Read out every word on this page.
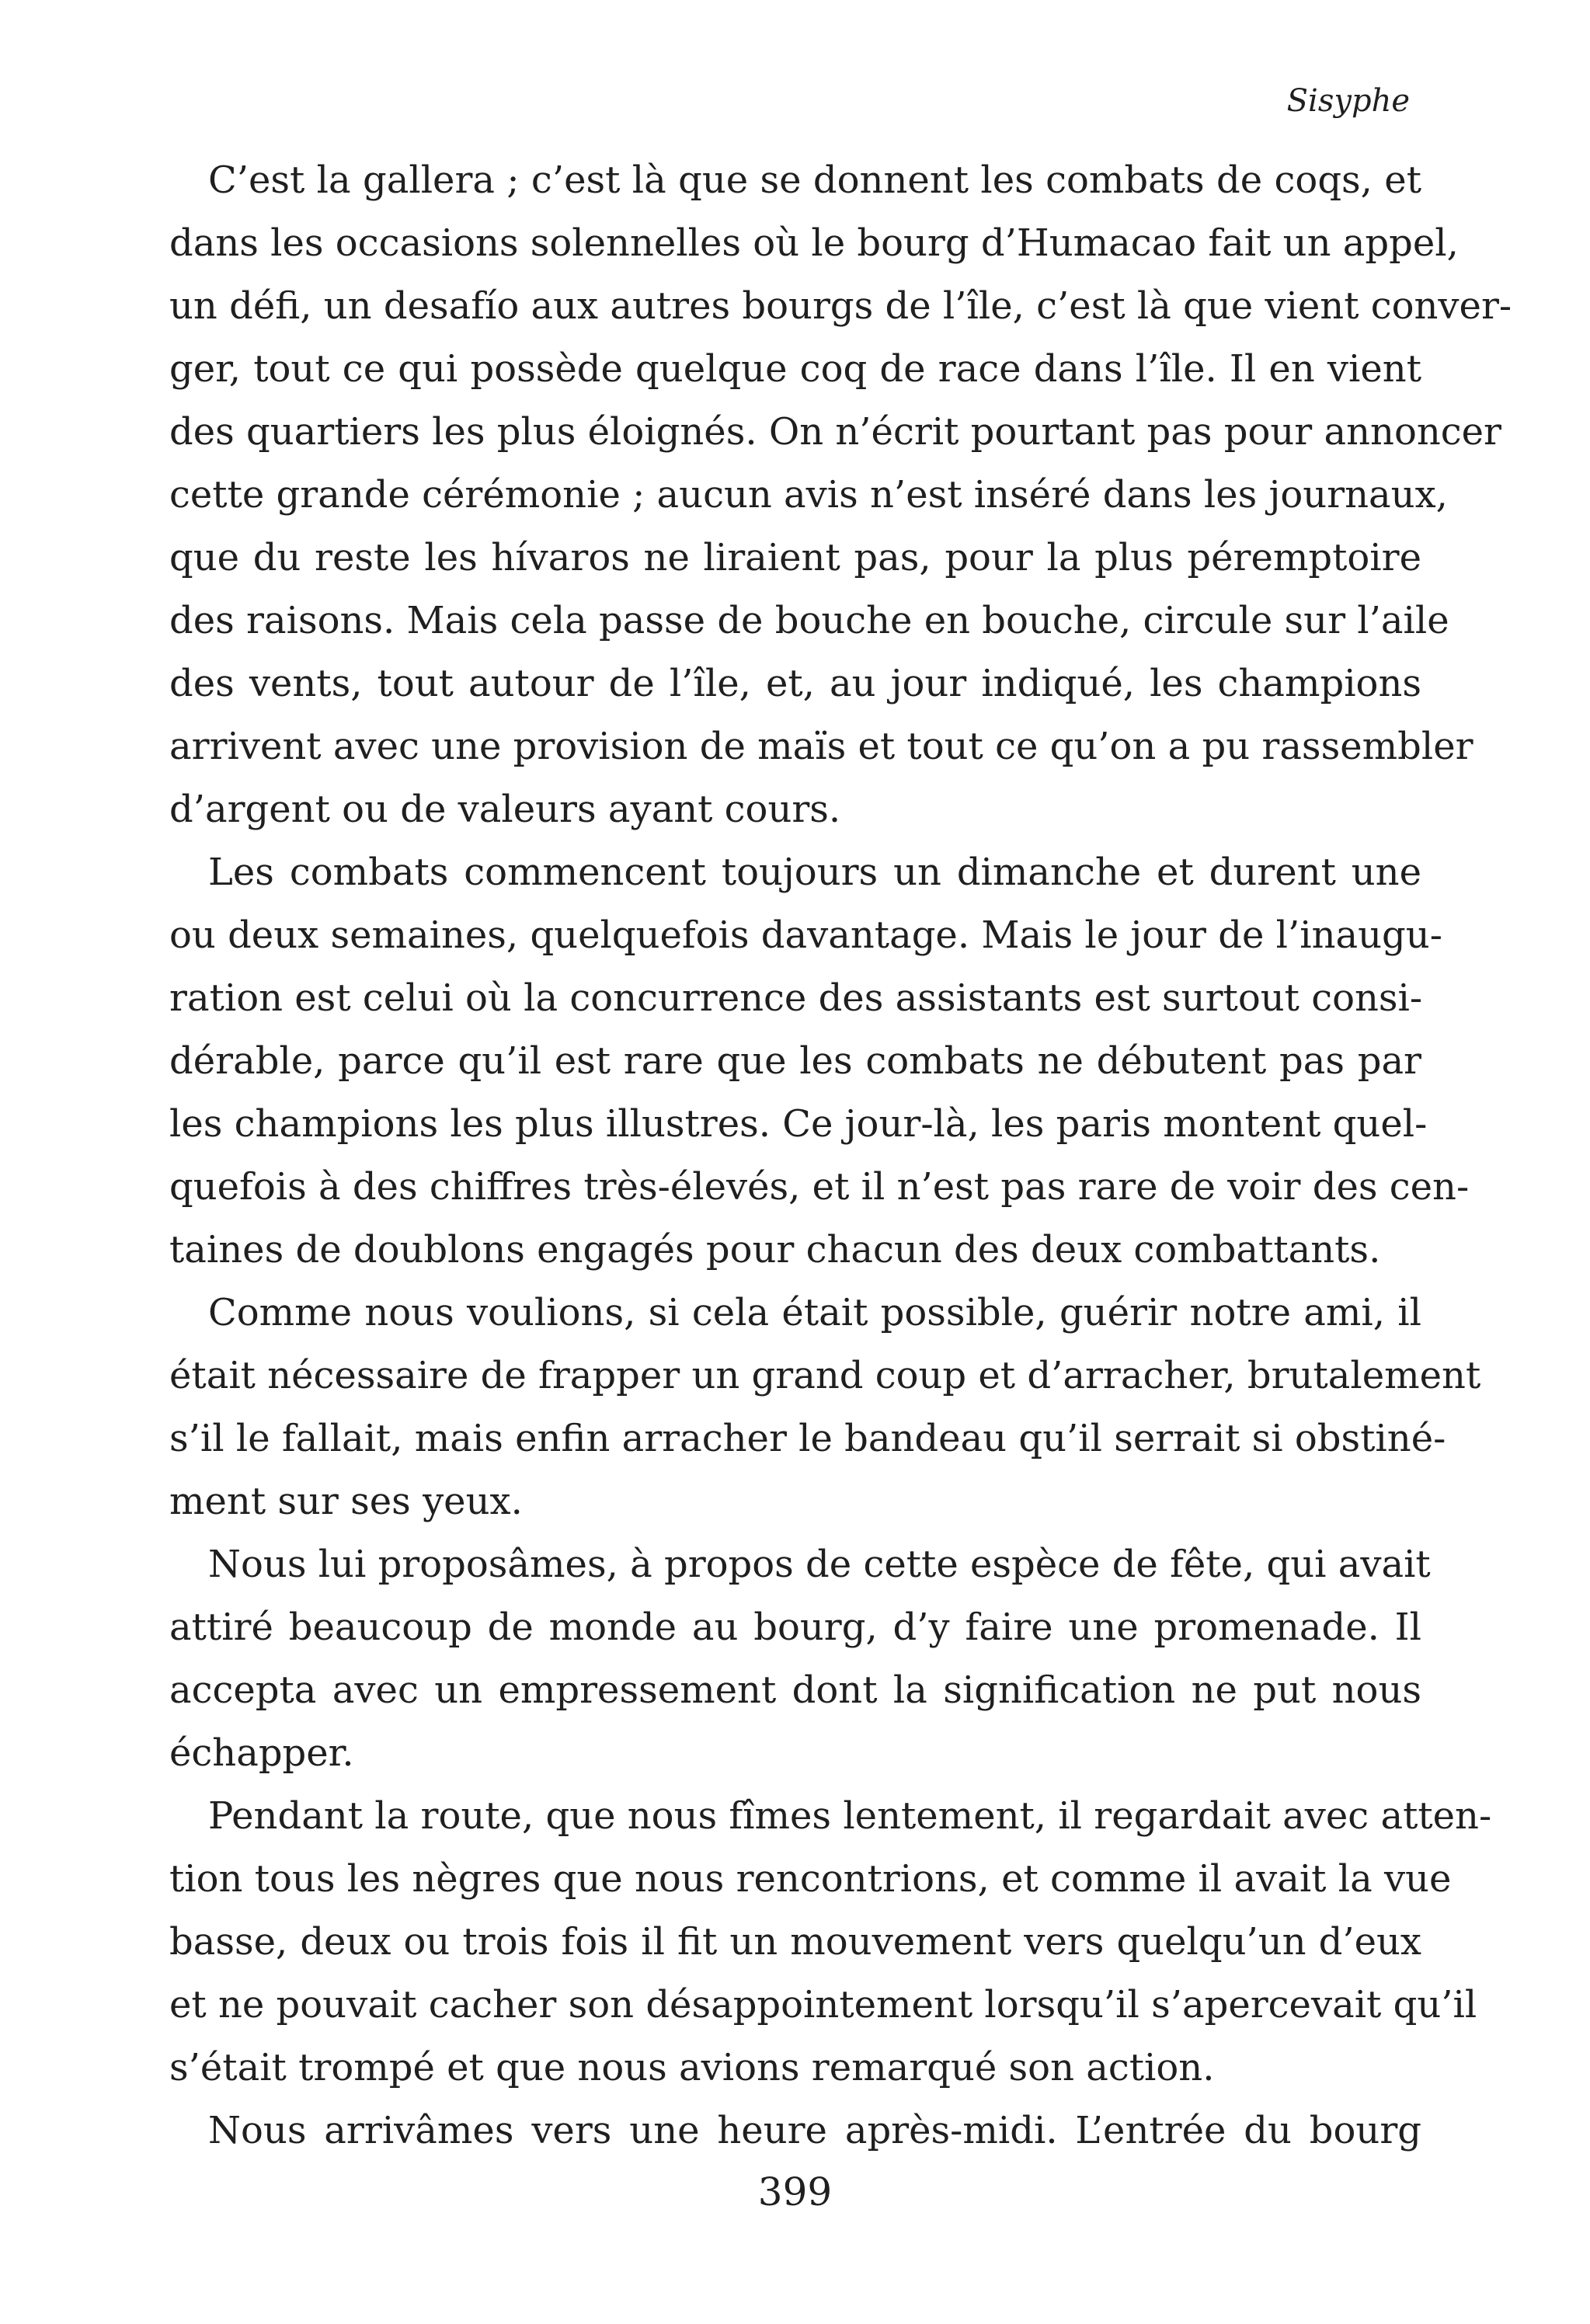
Sisyphe
C’est la gallera ; c’est là que se donnent les combats de coqs, et
dans les occasions solennelles où le bourg d’Humacao fait un appel,
un défi, un desafío aux autres bourgs de l’île, c’est là que vient conver-
ger, tout ce qui possède quelque coq de race dans l’île. Il en vient
des quartiers les plus éloignés. On n’écrit pourtant pas pour annoncer
cette grande cérémonie ; aucun avis n’est inséré dans les journaux,
que du reste les hívaros ne liraient pas, pour la plus péremptoire
des raisons. Mais cela passe de bouche en bouche, circule sur l’aile
des vents, tout autour de l’île, et, au jour indiqué, les champions
arrivent avec une provision de maïs et tout ce qu’on a pu rassembler
d’argent ou de valeurs ayant cours.
Les combats commencent toujours un dimanche et durent une
ou deux semaines, quelquefois davantage. Mais le jour de l’inaugu-
ration est celui où la concurrence des assistants est surtout consi-
dérable, parce qu’il est rare que les combats ne débutent pas par
les champions les plus illustres. Ce jour-là, les paris montent quel-
quefois à des chiffres très-élevés, et il n’est pas rare de voir des cen-
taines de doublons engagés pour chacun des deux combattants.
Comme nous voulions, si cela était possible, guérir notre ami, il
était nécessaire de frapper un grand coup et d’arracher, brutalement
s’il le fallait, mais enfin arracher le bandeau qu’il serrait si obstiné-
ment sur ses yeux.
Nous lui proposâmes, à propos de cette espèce de fête, qui avait
attiré beaucoup de monde au bourg, d’y faire une promenade. Il
accepta avec un empressement dont la signification ne put nous
échapper.
Pendant la route, que nous fîmes lentement, il regardait avec atten-
tion tous les nègres que nous rencontrions, et comme il avait la vue
basse, deux ou trois fois il fit un mouvement vers quelqu’un d’eux
et ne pouvait cacher son désappointement lorsqu’il s’apercevait qu’il
s’était trompé et que nous avions remarqué son action.
Nous arrivâmes vers une heure après-midi. L’entrée du bourg
399
